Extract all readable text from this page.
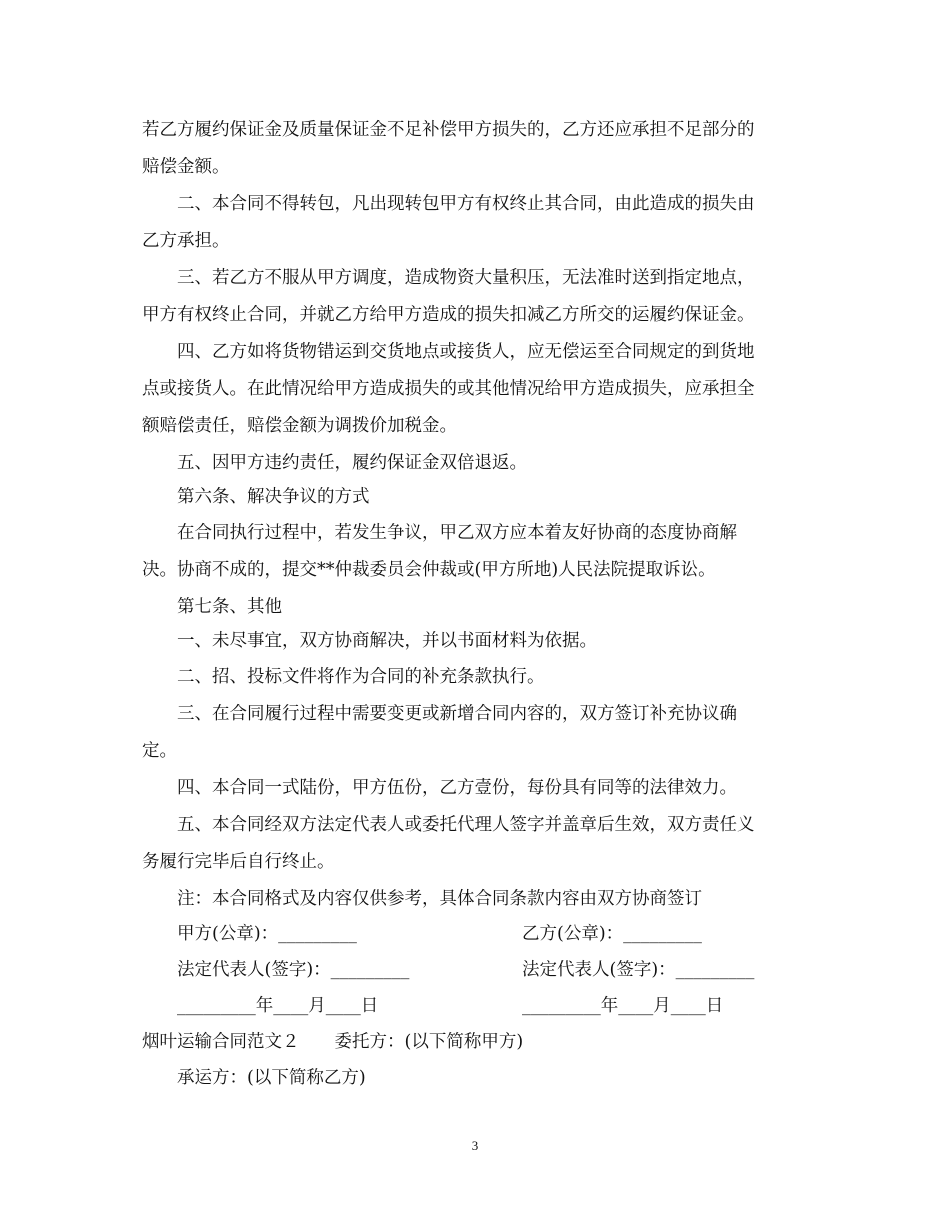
若乙方履约保证金及质量保证金不足补偿甲方损失的，乙方还应承担不足部分的
赔偿金额。
二、本合同不得转包，凡出现转包甲方有权终止其合同，由此造成的损失由
乙方承担。
三、若乙方不服从甲方调度，造成物资大量积压，无法准时送到指定地点，
甲方有权终止合同，并就乙方给甲方造成的损失扣减乙方所交的运履约保证金。
四、乙方如将货物错运到交货地点或接货人，应无偿运至合同规定的到货地
点或接货人。在此情况给甲方造成损失的或其他情况给甲方造成损失，应承担全
额赔偿责任，赔偿金额为调拨价加税金。
五、因甲方违约责任，履约保证金双倍退返。
第六条、解决争议的方式
在合同执行过程中，若发生争议，甲乙双方应本着友好协商的态度协商解
决。协商不成的，提交**仲裁委员会仲裁或(甲方所地)人民法院提取诉讼。
第七条、其他
一、未尽事宜，双方协商解决，并以书面材料为依据。
二、招、投标文件将作为合同的补充条款执行。
三、在合同履行过程中需要变更或新增合同内容的，双方签订补充协议确
定。
四、本合同一式陆份，甲方伍份，乙方壹份，每份具有同等的法律效力。
五、本合同经双方法定代表人或委托代理人签字并盖章后生效，双方责任义
务履行完毕后自行终止。
注：本合同格式及内容仅供参考，具体合同条款内容由双方协商签订
甲方(公章)：_________	乙方(公章)：_________
法定代表人(签字)：_________	法定代表人(签字)：_________
_________年____月____日	_________年____月____日
烟叶运输合同范文２　　委托方：(以下简称甲方)
承运方：(以下简称乙方)
3
